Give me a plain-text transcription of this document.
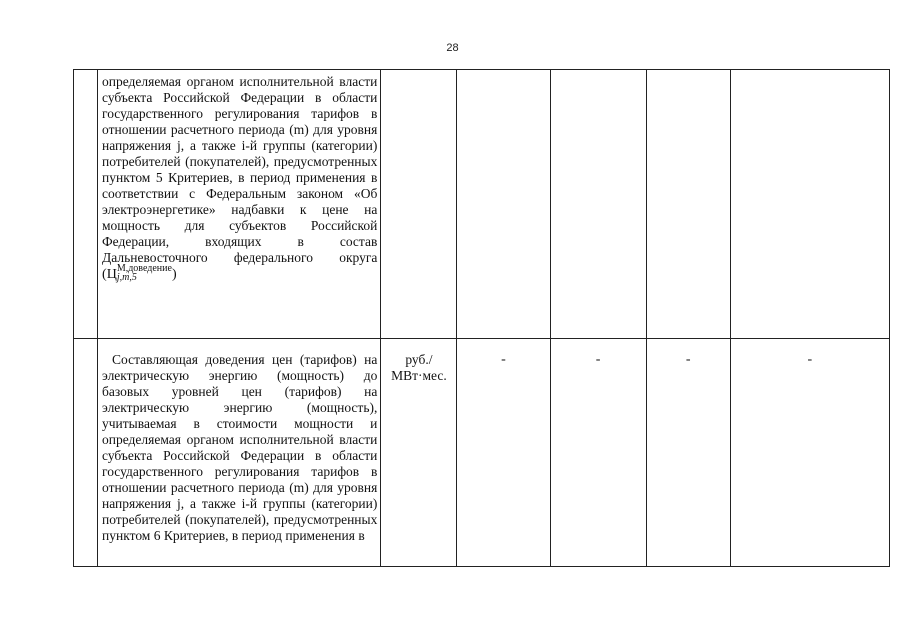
28

	определяемая органом исполнительной власти субъекта Российской Федерации в области государственного регулирования тарифов в отношении расчетного периода (m) для уровня напряжения j, а также i-й группы (категории) потребителей (покупателей), предусмотренных пунктом 5 Критериев, в период применения в соответствии с Федеральным законом «Об электроэнергетике» надбавки к цене на мощность для субъектов Российской Федерации, входящих в состав Дальневосточного федерального округа (Ц М,доведение
j,m,5 )					

	Составляющая доведения цен (тарифов) на электрическую энергию (мощность) до базовых уровней цен (тарифов) на электрическую энергию (мощность), учитываемая в стоимости мощности и определяемая органом исполнительной власти субъекта Российской Федерации в области государственного регулирования тарифов в отношении расчетного периода (m) для уровня напряжения j, а также i-й группы (категории) потребителей (покупателей), предусмотренных пунктом 6 Критериев, в период применения в	руб./
МВт·мес.	-	-	-	-
